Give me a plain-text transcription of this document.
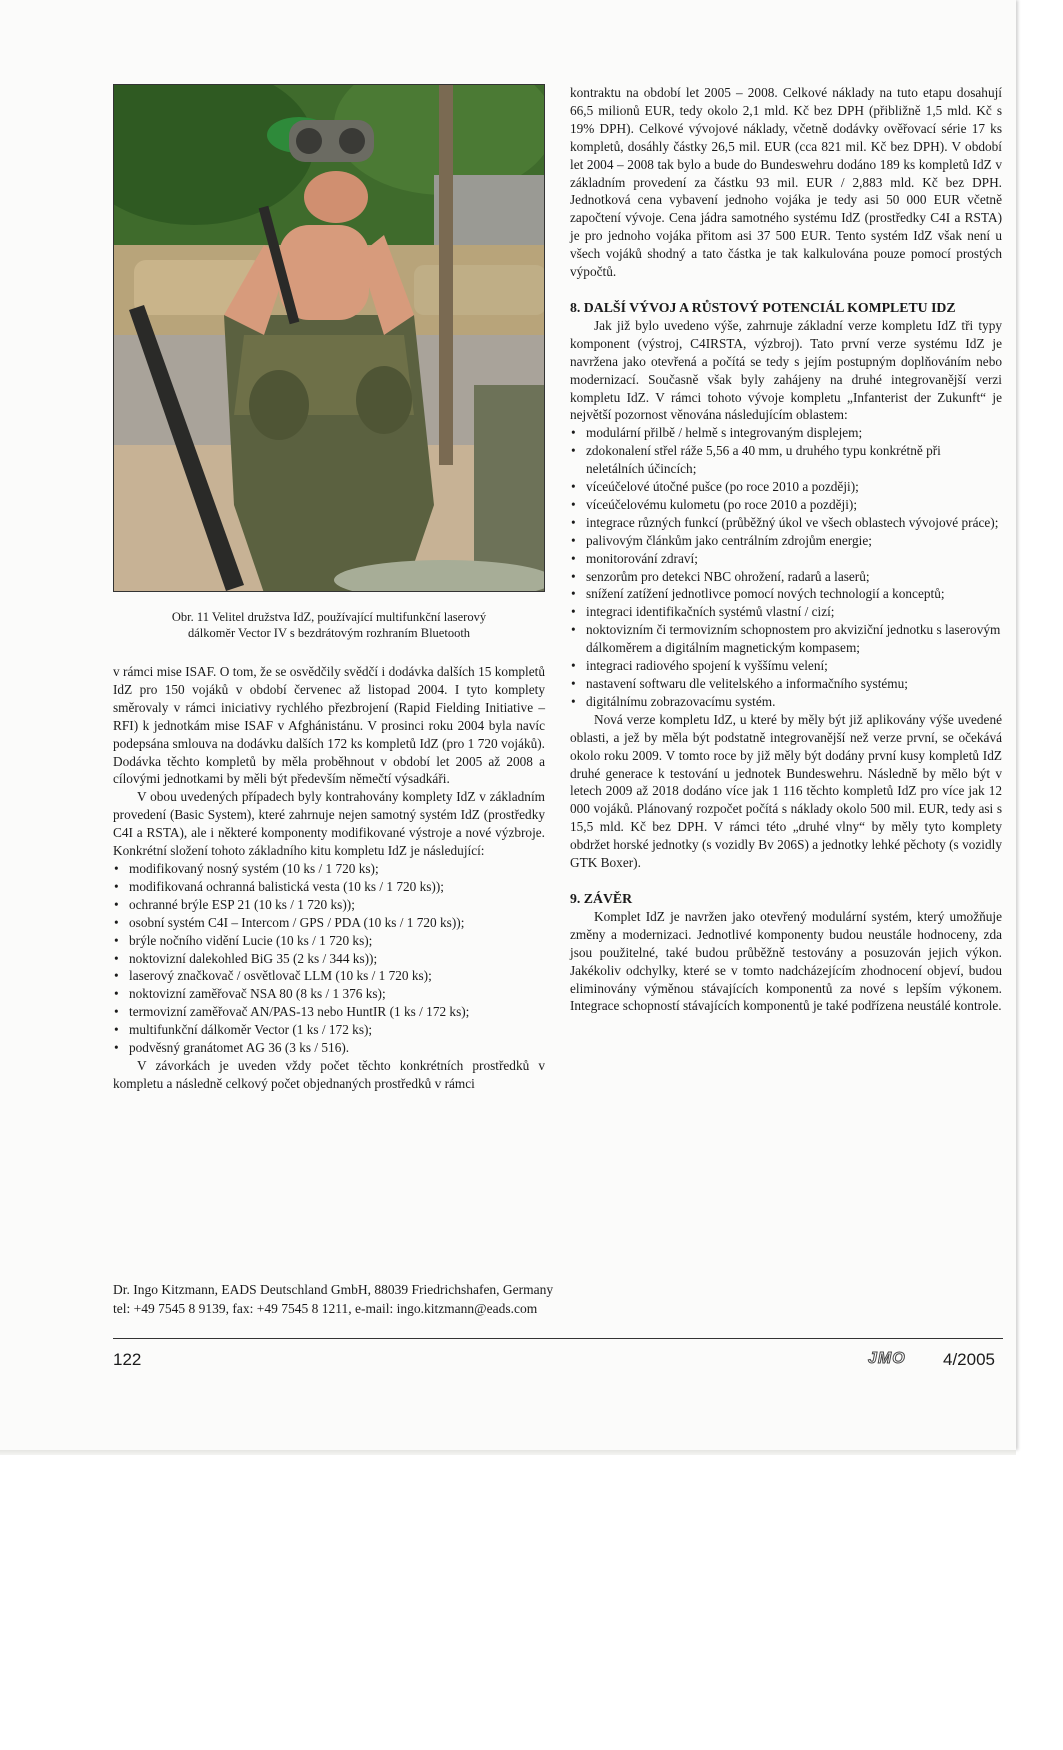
Obr. 11 Velitel družstva IdZ, používající multifunkční laserový
dálkoměr Vector IV s bezdrátovým rozhraním Bluetooth

v rámci mise ISAF. O tom, že se osvědčily svědčí i dodávka dalších 15 kompletů IdZ pro 150 vojáků v období červenec až listopad 2004. I tyto komplety směrovaly v rámci iniciativy rychlého přezbrojení (Rapid Fielding Initiative – RFI) k jednotkám mise ISAF v Afghánistánu. V prosinci roku 2004 byla navíc podepsána smlouva na dodávku dalších 172 ks kompletů IdZ (pro 1 720 vojáků). Dodávka těchto kompletů by měla proběhnout v období let 2005 až 2008 a cílovými jednotkami by měli být především němečtí výsadkáři.

V obou uvedených případech byly kontrahovány komplety IdZ v základním provedení (Basic System), které zahrnuje nejen samotný systém IdZ (prostředky C4I a RSTA), ale i některé komponenty modifikované výstroje a nové výzbroje. Konkrétní složení tohoto základního kitu kompletu IdZ je následující:

• modifikovaný nosný systém (10 ks / 1 720 ks);
• modifikovaná ochranná balistická vesta (10 ks / 1 720 ks));
• ochranné brýle ESP 21 (10 ks / 1 720 ks));
• osobní systém C4I – Intercom / GPS / PDA (10 ks / 1 720 ks));
• brýle nočního vidění Lucie (10 ks / 1 720 ks);
• noktovizní dalekohled BiG 35 (2 ks / 344 ks));
• laserový značkovač / osvětlovač LLM (10 ks / 1 720 ks);
• noktovizní zaměřovač NSA 80 (8 ks / 1 376 ks);
• termovizní zaměřovač AN/PAS-13 nebo HuntIR (1 ks / 172 ks);
• multifunkční dálkoměr Vector (1 ks / 172 ks);
• podvěsný granátomet AG 36 (3 ks / 516).

V závorkách je uveden vždy počet těchto konkrétních prostředků v kompletu a následně celkový počet objednaných prostředků v rámci

kontraktu na období let 2005 – 2008. Celkové náklady na tuto etapu dosahují 66,5 milionů EUR, tedy okolo 2,1 mld. Kč bez DPH (přibližně 1,5 mld. Kč s 19% DPH). Celkové vývojové náklady, včetně dodávky ověřovací série 17 ks kompletů, dosáhly částky 26,5 mil. EUR (cca 821 mil. Kč bez DPH). V období let 2004 – 2008 tak bylo a bude do Bundeswehru dodáno 189 ks kompletů IdZ v základním provedení za částku 93 mil. EUR / 2,883 mld. Kč bez DPH. Jednotková cena vybavení jednoho vojáka je tedy asi 50 000 EUR včetně započtení vývoje. Cena jádra samotného systému IdZ (prostředky C4I a RSTA) je pro jednoho vojáka přitom asi 37 500 EUR. Tento systém IdZ však není u všech vojáků shodný a tato částka je tak kalkulována pouze pomocí prostých výpočtů.

8. DALŠÍ VÝVOJ A RŮSTOVÝ POTENCIÁL KOMPLETU IDZ

Jak již bylo uvedeno výše, zahrnuje základní verze kompletu IdZ tři typy komponent (výstroj, C4IRSTA, výzbroj). Tato první verze systému IdZ je navržena jako otevřená a počítá se tedy s jejím postupným doplňováním nebo modernizací. Současně však byly zahájeny na druhé integrovanější verzi kompletu IdZ. V rámci tohoto vývoje kompletu „Infanterist der Zukunft“ je největší pozornost věnována následujícím oblastem:

• modulární přilbě / helmě s integrovaným displejem;
• zdokonalení střel ráže 5,56 a 40 mm, u druhého typu konkrétně při neletálních účincích;
• víceúčelové útočné pušce (po roce 2010 a později);
• víceúčelovému kulometu (po roce 2010 a později);
• integrace různých funkcí (průběžný úkol ve všech oblastech vývojové práce);
• palivovým článkům jako centrálním zdrojům energie;
• monitorování zdraví;
• senzorům pro detekci NBC ohrožení, radarů a laserů;
• snížení zatížení jednotlivce pomocí nových technologií a konceptů;
• integraci identifikačních systémů vlastní / cizí;
• noktovizním či termovizním schopnostem pro akviziční jednotku s laserovým dálkoměrem a digitálním magnetickým kompasem;
• integraci radiového spojení k vyššímu velení;
• nastavení softwaru dle velitelského a informačního systému;
• digitálnímu zobrazovacímu systém.

Nová verze kompletu IdZ, u které by měly být již aplikovány výše uvedené oblasti, a jež by měla být podstatně integrovanější než verze první, se očekává okolo roku 2009. V tomto roce by již měly být dodány první kusy kompletů IdZ druhé generace k testování u jednotek Bundeswehru. Následně by mělo být v letech 2009 až 2018 dodáno více jak 1 116 těchto kompletů IdZ pro více jak 12 000 vojáků. Plánovaný rozpočet počítá s náklady okolo 500 mil. EUR, tedy asi s 15,5 mld. Kč bez DPH. V rámci této „druhé vlny“ by měly tyto komplety obdržet horské jednotky (s vozidly Bv 206S) a jednotky lehké pěchoty (s vozidly GTK Boxer).

9. ZÁVĚR

Komplet IdZ je navržen jako otevřený modulární systém, který umožňuje změny a modernizaci. Jednotlivé komponenty budou neustále hodnoceny, zda jsou použitelné, také budou průběžně testovány a posuzován jejich výkon. Jakékoliv odchylky, které se v tomto nadcházejícím zhodnocení objeví, budou eliminovány výměnou stávajících komponentů za nové s lepším výkonem. Integrace schopností stávajících komponentů je také podřízena neustálé kontrole.

Dr. Ingo Kitzmann, EADS Deutschland GmbH, 88039 Friedrichshafen, Germany
tel: +49 7545 8 9139, fax: +49 7545 8 1211, e-mail: ingo.kitzmann@eads.com
122	JMO 4/2005
